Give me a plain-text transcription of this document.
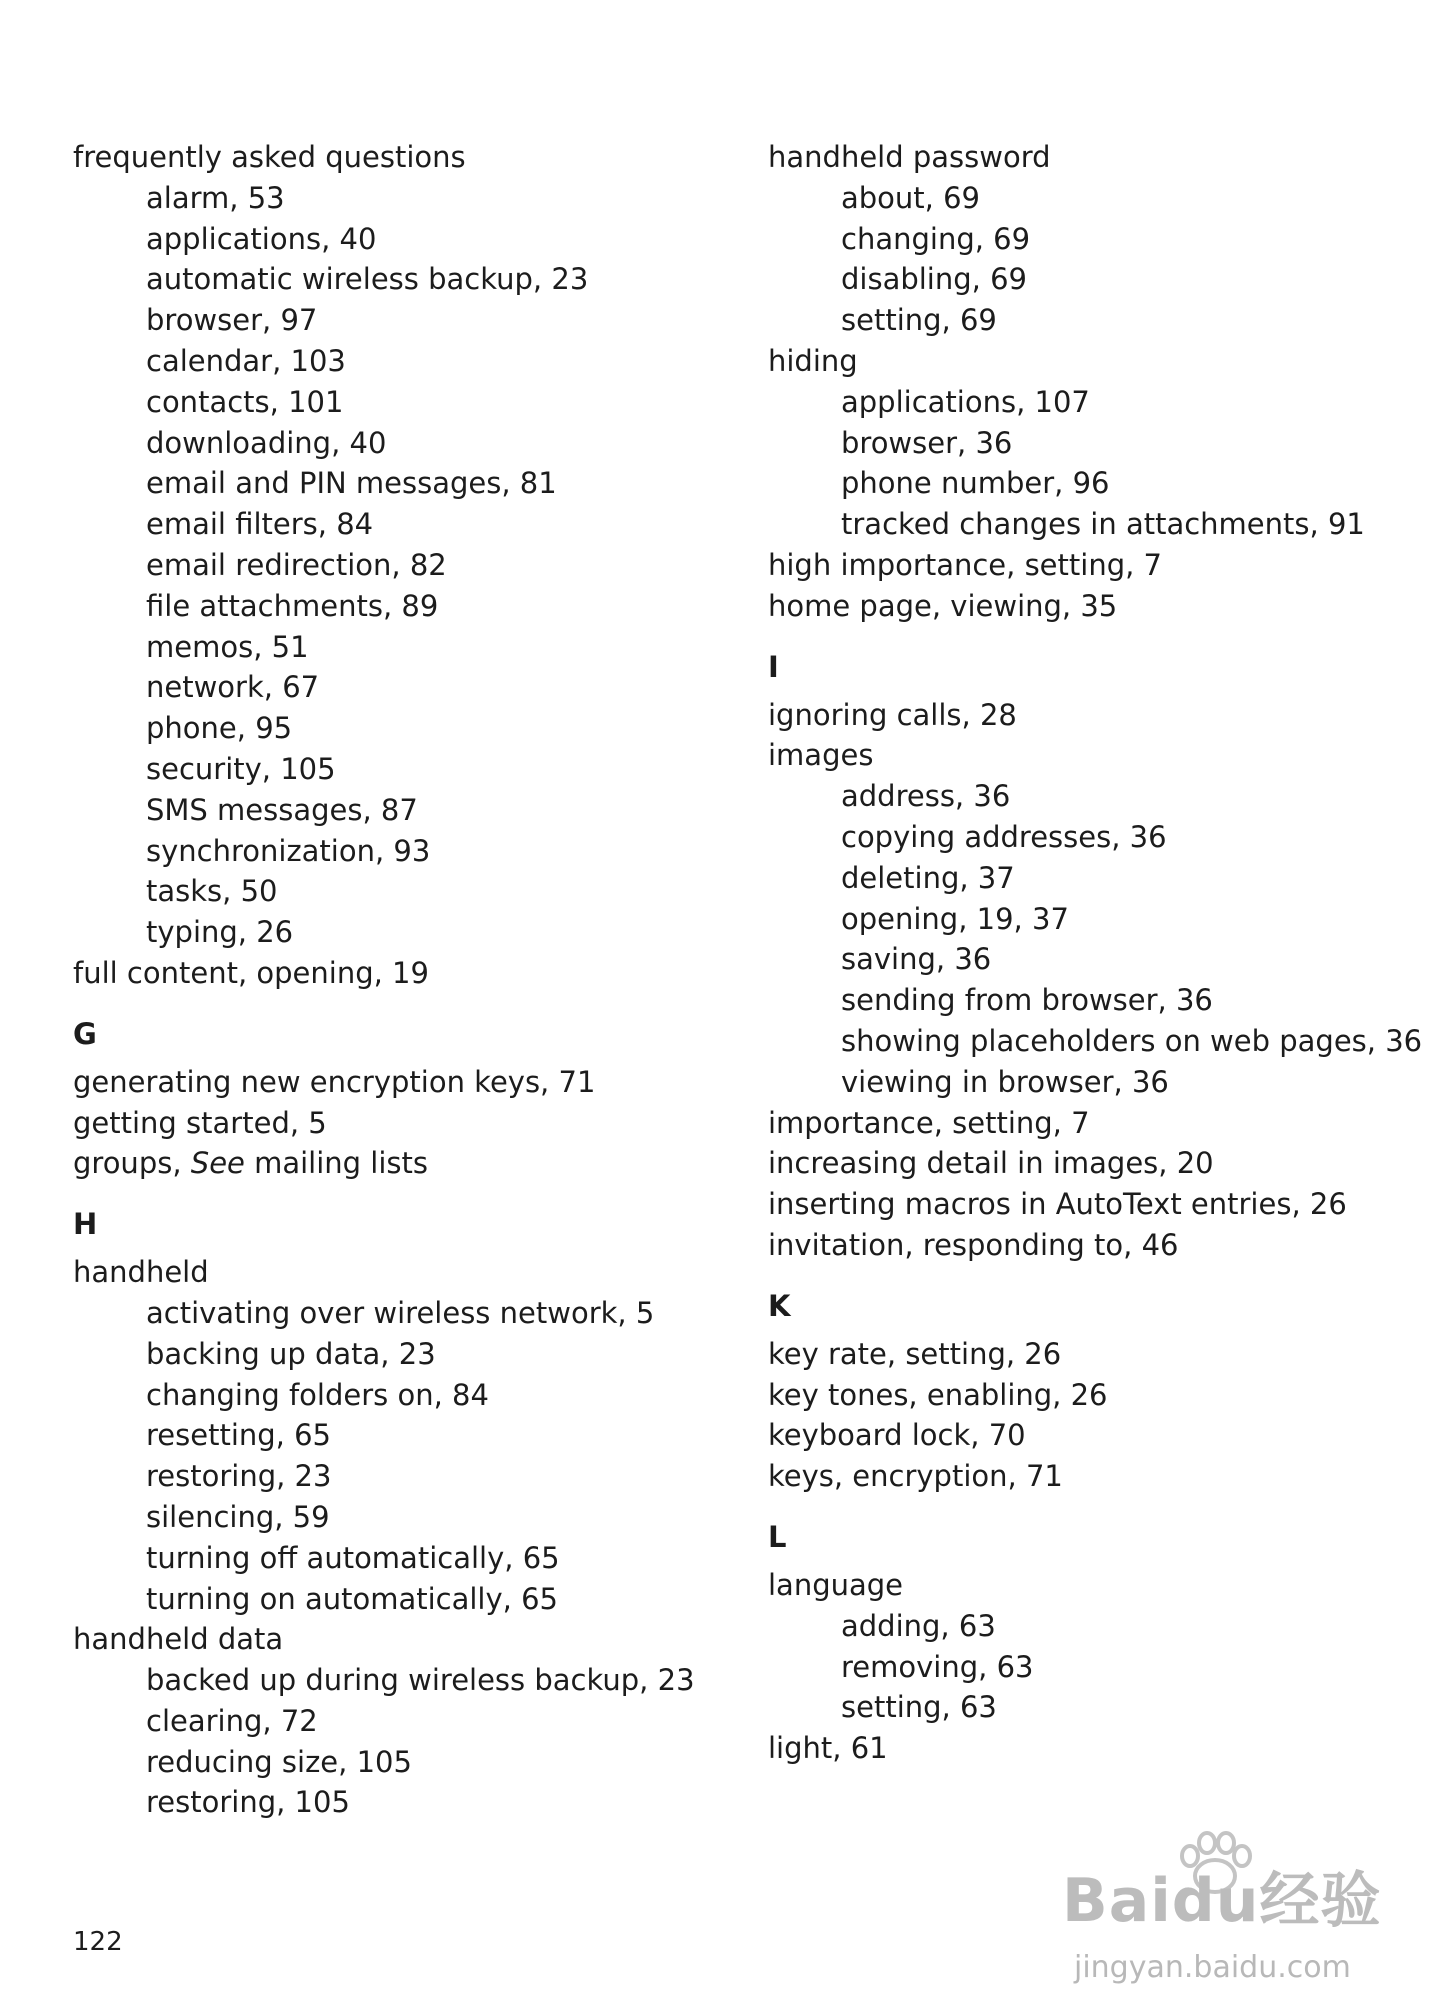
frequently asked questions
alarm, 53
applications, 40
automatic wireless backup, 23
browser, 97
calendar, 103
contacts, 101
downloading, 40
email and PIN messages, 81
email filters, 84
email redirection, 82
file attachments, 89
memos, 51
network, 67
phone, 95
security, 105
SMS messages, 87
synchronization, 93
tasks, 50
typing, 26
full content, opening, 19
G
generating new encryption keys, 71
getting started, 5
groups, See mailing lists
H
handheld
activating over wireless network, 5
backing up data, 23
changing folders on, 84
resetting, 65
restoring, 23
silencing, 59
turning off automatically, 65
turning on automatically, 65
handheld data
backed up during wireless backup, 23
clearing, 72
reducing size, 105
restoring, 105
handheld password
about, 69
changing, 69
disabling, 69
setting, 69
hiding
applications, 107
browser, 36
phone number, 96
tracked changes in attachments, 91
high importance, setting, 7
home page, viewing, 35
I
ignoring calls, 28
images
address, 36
copying addresses, 36
deleting, 37
opening, 19, 37
saving, 36
sending from browser, 36
showing placeholders on web pages, 36
viewing in browser, 36
importance, setting, 7
increasing detail in images, 20
inserting macros in AutoText entries, 26
invitation, responding to, 46
K
key rate, setting, 26
key tones, enabling, 26
keyboard lock, 70
keys, encryption, 71
L
language
adding, 63
removing, 63
setting, 63
light, 61
122
Baidu经验
jingyan.baidu.com
